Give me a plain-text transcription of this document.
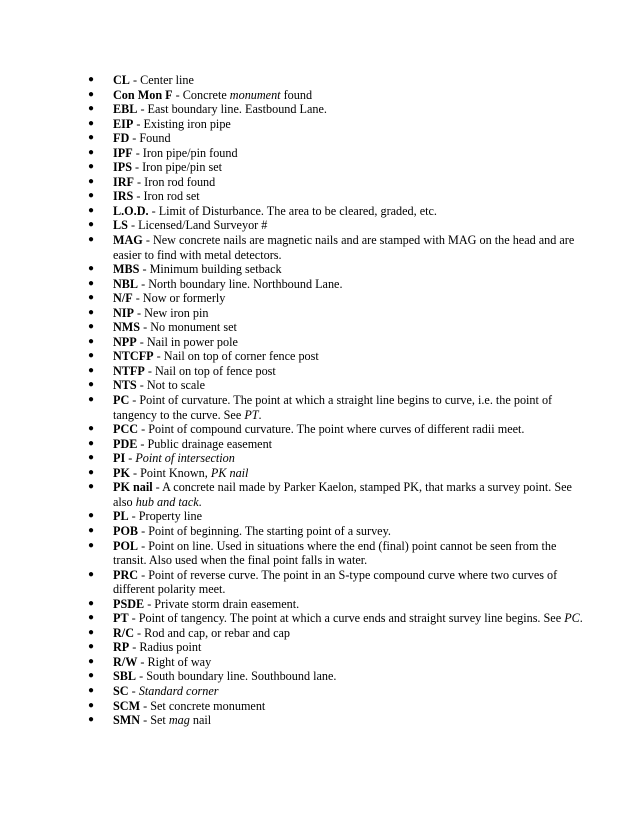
●	CL - Center line
●	Con Mon F - Concrete monument found
●	EBL - East boundary line. Eastbound Lane.
●	EIP - Existing iron pipe
●	FD - Found
●	IPF - Iron pipe/pin found
●	IPS - Iron pipe/pin set
●	IRF - Iron rod found
●	IRS - Iron rod set
●	L.O.D. - Limit of Disturbance. The area to be cleared, graded, etc.
●	LS - Licensed/Land Surveyor #
●	MAG - New concrete nails are magnetic nails and are stamped with MAG on the head and are easier to find with metal detectors.
●	MBS - Minimum building setback
●	NBL - North boundary line. Northbound Lane.
●	N/F - Now or formerly
●	NIP - New iron pin
●	NMS - No monument set
●	NPP - Nail in power pole
●	NTCFP - Nail on top of corner fence post
●	NTFP - Nail on top of fence post
●	NTS - Not to scale
●	PC - Point of curvature. The point at which a straight line begins to curve, i.e. the point of tangency to the curve. See PT.
●	PCC - Point of compound curvature. The point where curves of different radii meet.
●	PDE - Public drainage easement
●	PI - Point of intersection
●	PK - Point Known, PK nail
●	PK nail - A concrete nail made by Parker Kaelon, stamped PK, that marks a survey point. See also hub and tack.
●	PL - Property line
●	POB - Point of beginning. The starting point of a survey.
●	POL - Point on line. Used in situations where the end (final) point cannot be seen from the transit. Also used when the final point falls in water.
●	PRC - Point of reverse curve. The point in an S-type compound curve where two curves of different polarity meet.
●	PSDE - Private storm drain easement.
●	PT - Point of tangency. The point at which a curve ends and straight survey line begins. See PC.
●	R/C - Rod and cap, or rebar and cap
●	RP - Radius point
●	R/W - Right of way
●	SBL - South boundary line. Southbound lane.
●	SC - Standard corner
●	SCM - Set concrete monument
●	SMN - Set mag nail
